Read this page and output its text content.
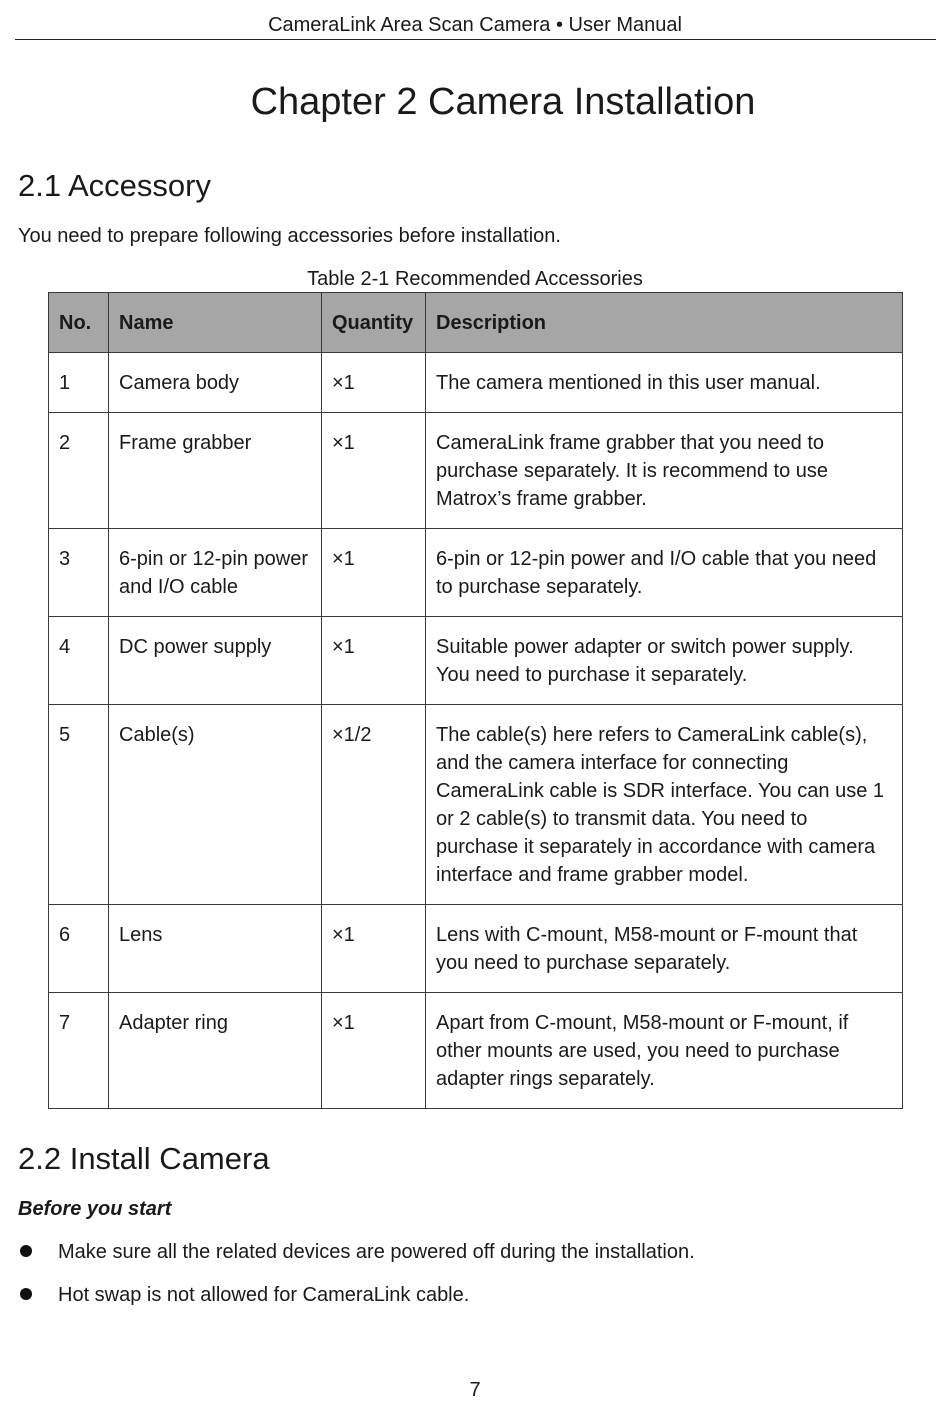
CameraLink Area Scan Camera • User Manual
Chapter 2 Camera Installation
2.1 Accessory

You need to prepare following accessories before installation.

Table 2-1 Recommended Accessories
No.	Name	Quantity	Description
1	Camera body	×1	The camera mentioned in this user manual.
2	Frame grabber	×1	CameraLink frame grabber that you need to purchase separately. It is recommend to use Matrox’s frame grabber.
3	6-pin or 12-pin power and I/O cable	×1	6-pin or 12-pin power and I/O cable that you need to purchase separately.
4	DC power supply	×1	Suitable power adapter or switch power supply. You need to purchase it separately.
5	Cable(s)	×1/2	The cable(s) here refers to CameraLink cable(s), and the camera interface for connecting CameraLink cable is SDR interface. You can use 1 or 2 cable(s) to transmit data. You need to purchase it separately in accordance with camera interface and frame grabber model.
6	Lens	×1	Lens with C-mount, M58-mount or F-mount that you need to purchase separately.
7	Adapter ring	×1	Apart from C-mount, M58-mount or F-mount, if other mounts are used, you need to purchase adapter rings separately.
2.2 Install Camera
Before you start
Make sure all the related devices are powered off during the installation.
Hot swap is not allowed for CameraLink cable.
7
